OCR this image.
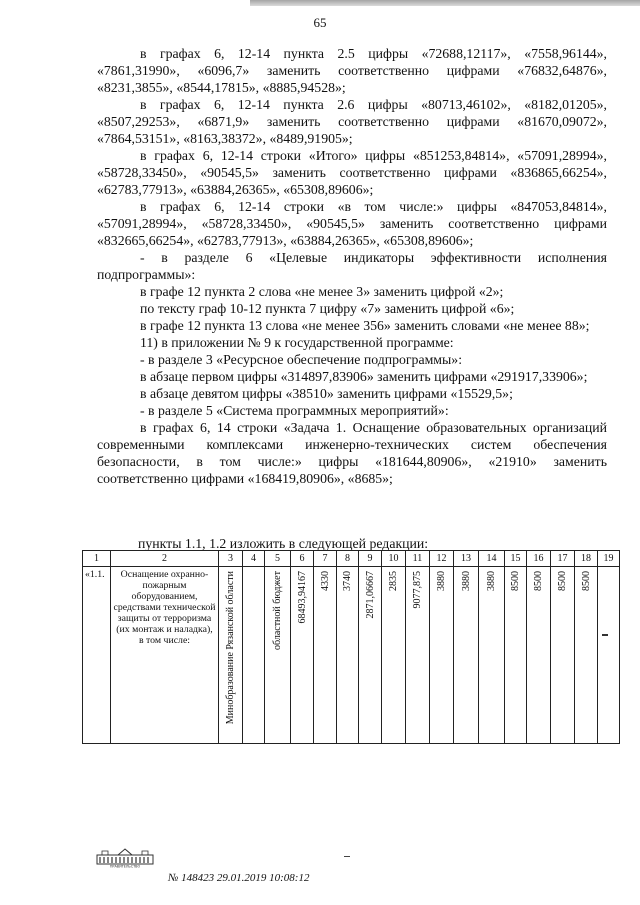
65

в графах 6, 12-14 пункта 2.5 цифры «72688,12117», «7558,96144», «7861,31990», «6096,7» заменить соответственно цифрами «76832,64876», «8231,3855», «8544,17815», «8885,94528»;

в графах 6, 12-14 пункта 2.6 цифры «80713,46102», «8182,01205», «8507,29253», «6871,9» заменить соответственно цифрами «81670,09072», «7864,53151», «8163,38372», «8489,91905»;

в графах 6, 12-14 строки «Итого» цифры «851253,84814», «57091,28994», «58728,33450», «90545,5» заменить соответственно цифрами «836865,66254», «62783,77913», «63884,26365», «65308,89606»;

в графах 6, 12-14 строки «в том числе:» цифры «847053,84814», «57091,28994», «58728,33450», «90545,5» заменить соответственно цифрами «832665,66254», «62783,77913», «63884,26365», «65308,89606»;

- в разделе 6 «Целевые индикаторы эффективности исполнения подпрограммы»:

в графе 12 пункта 2 слова «не менее 3» заменить цифрой «2»;

по тексту граф 10-12 пункта 7 цифру «7» заменить цифрой «6»;

в графе 12 пункта 13 слова «не менее 356» заменить словами «не менее 88»;

11) в приложении № 9 к государственной программе:

- в разделе 3 «Ресурсное обеспечение подпрограммы»:

в абзаце первом цифры «314897,83906» заменить цифрами «291917,33906»;

в абзаце девятом цифры «38510» заменить цифрами «15529,5»;

- в разделе 5 «Система программных мероприятий»:

в графах 6, 14 строки «Задача 1. Оснащение образовательных организаций современными комплексами инженерно-технических систем обеспечения безопасности, в том числе:» цифры «181644,80906», «21910» заменить соответственно цифрами «168419,80906», «8685»;

пункты 1.1, 1.2 изложить в следующей редакции:
1	2	3	4	5	6	7	8	9	10	11	12	13	14	15	16	17	18	19
«1.1.	Оснащение охранно-пожарным оборудованием, средствами технической защиты от терроризма (их монтаж и наладка), в том числе:	Минобразование Рязанской области		областной бюджет	68493,94167	4330	3740	2871,06667	2835	9077,875	3880	3880	3880	8500	8500	8500	8500	

ПРАВИТЕЛЬСТВО
№ 148423 29.01.2019 10:08:12
